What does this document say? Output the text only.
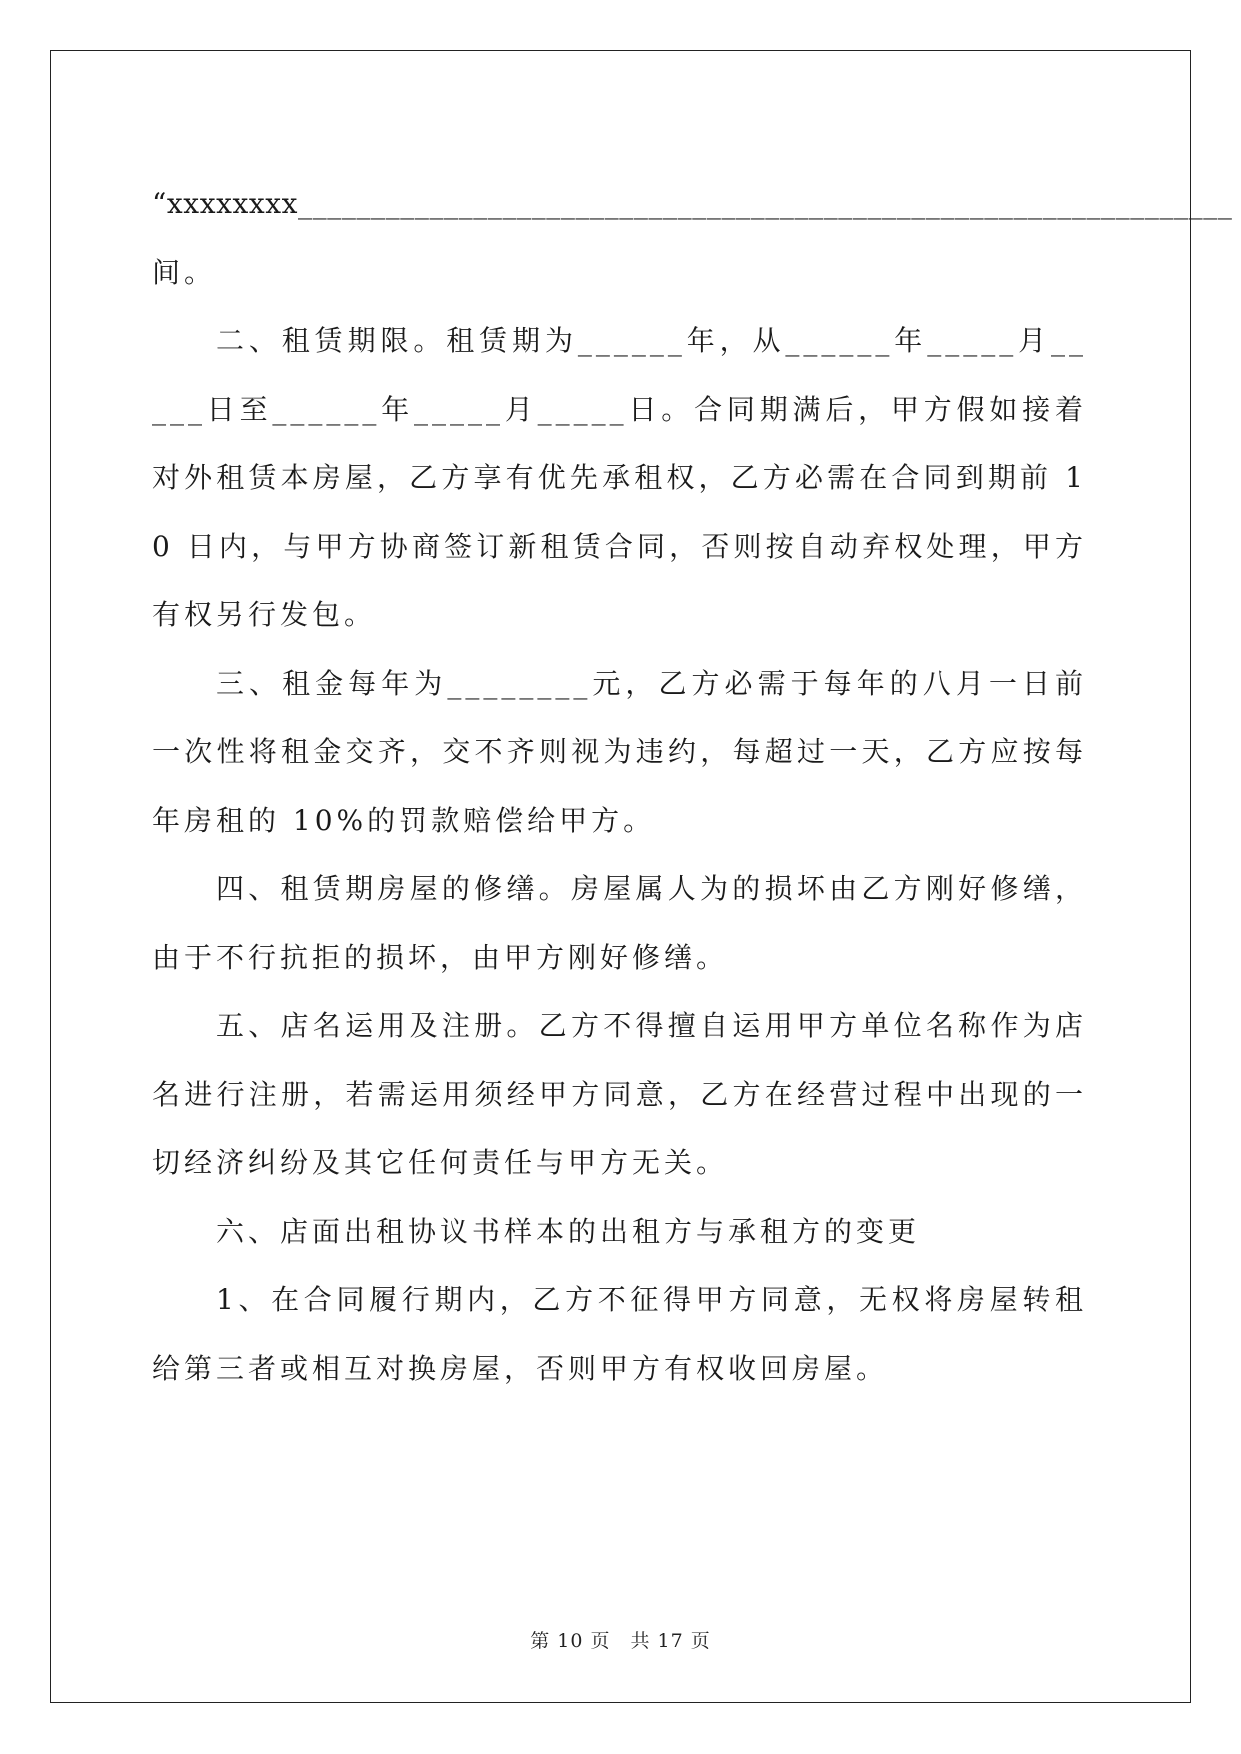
“xxxxxxxx________________________________________________________________

间。

二、租赁期限。租赁期为______年，从______年_____月_____日至______年_____月_____日。合同期满后，甲方假如接着对外租赁本房屋，乙方享有优先承租权，乙方必需在合同到期前 10 日内，与甲方协商签订新租赁合同，否则按自动弃权处理，甲方有权另行发包。

三、租金每年为________元，乙方必需于每年的八月一日前一次性将租金交齐，交不齐则视为违约，每超过一天，乙方应按每年房租的 10%的罚款赔偿给甲方。

四、租赁期房屋的修缮。房屋属人为的损坏由乙方刚好修缮，由于不行抗拒的损坏，由甲方刚好修缮。

五、店名运用及注册。乙方不得擅自运用甲方单位名称作为店名进行注册，若需运用须经甲方同意，乙方在经营过程中出现的一切经济纠纷及其它任何责任与甲方无关。

六、店面出租协议书样本的出租方与承租方的变更

1、在合同履行期内，乙方不征得甲方同意，无权将房屋转租给第三者或相互对换房屋，否则甲方有权收回房屋。

第 10 页　共 17 页
